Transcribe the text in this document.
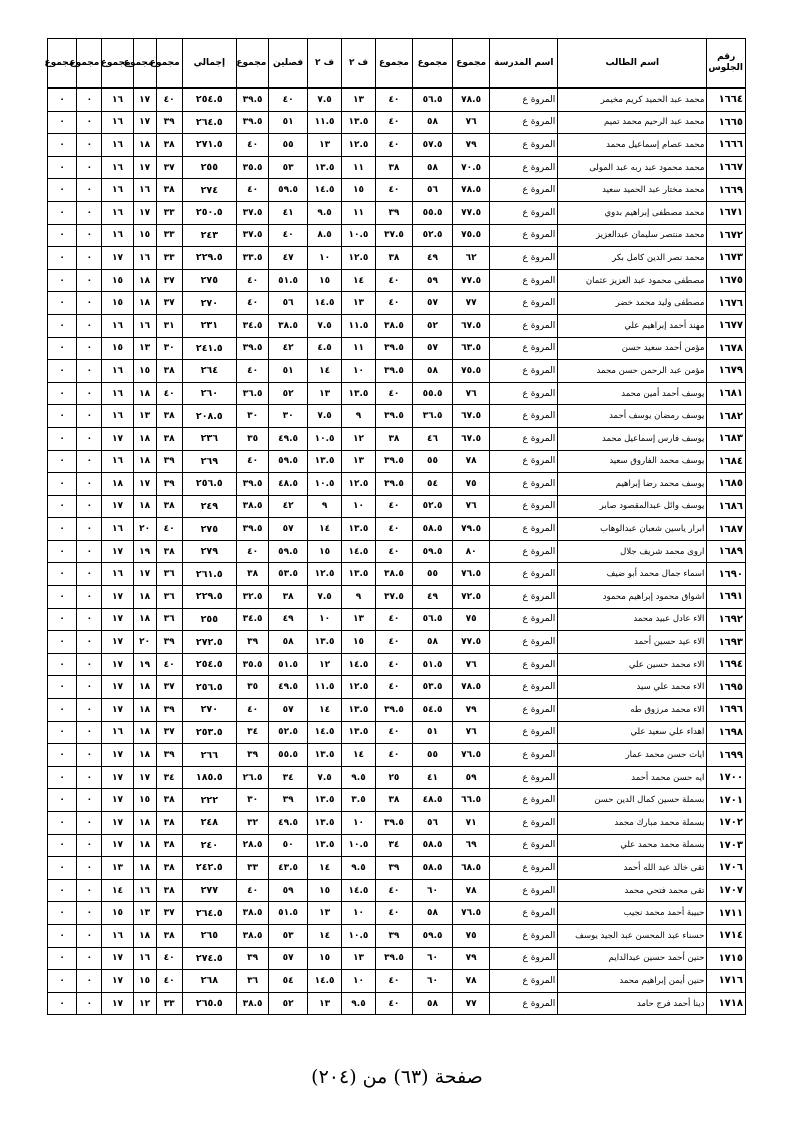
رقم الجلوس	اسم الطالب	اسم المدرسة	مجموع	مجموع	مجموع	ف ٢	ف ٢	فصلين	مجموع	إجمالي	مجموع	مجموع	مجموع	مجموع	مجموع
١٦٦٤	محمد عبد الحميد كريم مخيمر	المروة ع	٧٨.٥	٥٦.٥	٤٠	١٣	٧.٥	٤٠	٣٩.٥	٢٥٤.٥	٤٠	١٧	١٦	٠	٠
١٦٦٥	محمد عبد الرحيم محمد تميم	المروة ع	٧٦	٥٨	٤٠	١٣.٥	١١.٥	٥١	٣٩.٥	٢٦٤.٥	٣٩	١٧	١٦	٠	٠
١٦٦٦	محمد عصام إسماعيل محمد	المروة ع	٧٩	٥٧.٥	٤٠	١٢.٥	١٣	٥٥	٤٠	٢٧١.٥	٣٨	١٨	١٦	٠	٠
١٦٦٧	محمد محمود عبد ربه عبد المولى	المروة ع	٧٠.٥	٥٨	٣٨	١١	١٣.٥	٥٣	٣٥.٥	٢٥٥	٣٧	١٧	١٦	٠	٠
١٦٦٩	محمد مختار عبد الحميد سعيد	المروة ع	٧٨.٥	٥٦	٤٠	١٥	١٤.٥	٥٩.٥	٤٠	٢٧٤	٣٨	١٦	١٦	٠	٠
١٦٧١	محمد مصطفى إبراهيم بدوي	المروة ع	٧٧.٥	٥٥.٥	٣٩	١١	٩.٥	٤١	٣٧.٥	٢٥٠.٥	٣٣	١٧	١٦	٠	٠
١٦٧٢	محمد منتصر سليمان عبدالعزيز	المروة ع	٧٥.٥	٥٢.٥	٣٧.٥	١٠.٥	٨.٥	٤٠	٣٧.٥	٢٤٣	٣٣	١٥	١٦	٠	٠
١٦٧٣	محمد نصر الدين كامل بكر	المروة ع	٦٢	٤٩	٣٨	١٢.٥	١٠	٤٧	٣٣.٥	٢٢٩.٥	٣٣	١٦	١٧	٠	٠
١٦٧٥	مصطفى محمود عبد العزيز عثمان	المروة ع	٧٧.٥	٥٩	٤٠	١٤	١٥	٥١.٥	٤٠	٢٧٥	٣٧	١٨	١٥	٠	٠
١٦٧٦	مصطفى وليد محمد خضر	المروة ع	٧٧	٥٧	٤٠	١٣	١٤.٥	٥٦	٤٠	٢٧٠	٣٧	١٨	١٥	٠	٠
١٦٧٧	مهند أحمد إبراهيم علي	المروة ع	٦٧.٥	٥٢	٣٨.٥	١١.٥	٧.٥	٣٨.٥	٣٤.٥	٢٣١	٣١	١٦	١٦	٠	٠
١٦٧٨	مؤمن أحمد سعيد حسن	المروة ع	٦٣.٥	٥٧	٣٩.٥	١١	٤.٥	٤٢	٣٩.٥	٢٤١.٥	٣٠	١٣	١٥	٠	٠
١٦٧٩	مؤمن عبد الرحمن حسن محمد	المروة ع	٧٥.٥	٥٨	٣٩.٥	١٠	١٤	٥١	٤٠	٢٦٤	٣٨	١٥	١٦	٠	٠
١٦٨١	يوسف أحمد أمين محمد	المروة ع	٧٦	٥٥.٥	٤٠	١٣.٥	١٣	٥٢	٣٦.٥	٢٦٠	٤٠	١٨	١٦	٠	٠
١٦٨٢	يوسف رمضان يوسف أحمد	المروة ع	٦٧.٥	٣٦.٥	٣٩.٥	٩	٧.٥	٣٠	٣٠	٢٠٨.٥	٣٨	١٣	١٦	٠	٠
١٦٨٣	يوسف فارس إسماعيل محمد	المروة ع	٦٧.٥	٤٦	٣٨	١٢	١٠.٥	٤٩.٥	٣٥	٢٣٦	٣٨	١٨	١٧	٠	٠
١٦٨٤	يوسف محمد الفاروق سعيد	المروة ع	٧٨	٥٥	٣٩.٥	١٣	١٣.٥	٥٩.٥	٤٠	٢٦٩	٣٩	١٨	١٦	٠	٠
١٦٨٥	يوسف محمد رضا إبراهيم	المروة ع	٧٥	٥٤	٣٩.٥	١٢.٥	١٠.٥	٤٨.٥	٣٩.٥	٢٥٦.٥	٣٩	١٧	١٨	٠	٠
١٦٨٦	يوسف وائل عبدالمقصود صابر	المروة ع	٧٦	٥٢.٥	٤٠	١٠	٩	٤٢	٣٨.٥	٢٤٩	٣٨	١٨	١٧	٠	٠
١٦٨٧	ابرار ياسين شعبان عبدالوهاب	المروة ع	٧٩.٥	٥٨.٥	٤٠	١٣.٥	١٤	٥٧	٣٩.٥	٢٧٥	٤٠	٢٠	١٦	٠	٠
١٦٨٩	اروى محمد شريف جلال	المروة ع	٨٠	٥٩.٥	٤٠	١٤.٥	١٥	٥٩.٥	٤٠	٢٧٩	٣٨	١٩	١٧	٠	٠
١٦٩٠	اسماء جمال محمد أبو ضيف	المروة ع	٧٦.٥	٥٥	٣٨.٥	١٣.٥	١٢.٥	٥٣.٥	٣٨	٢٦١.٥	٣٦	١٧	١٦	٠	٠
١٦٩١	اشواق محمود إبراهيم محمود	المروة ع	٧٢.٥	٤٩	٣٧.٥	٩	٧.٥	٣٨	٣٢.٥	٢٢٩.٥	٣٦	١٨	١٧	٠	٠
١٦٩٢	الاء عادل عبيد محمد	المروة ع	٧٥	٥٦.٥	٤٠	١٣	١٠	٤٩	٣٤.٥	٢٥٥	٣٦	١٨	١٧	٠	٠
١٦٩٣	الاء عيد حسين أحمد	المروة ع	٧٧.٥	٥٨	٤٠	١٥	١٣.٥	٥٨	٣٩	٢٧٢.٥	٣٩	٢٠	١٧	٠	٠
١٦٩٤	الاء محمد حسين علي	المروة ع	٧٦	٥١.٥	٤٠	١٤.٥	١٢	٥١.٥	٣٥.٥	٢٥٤.٥	٤٠	١٩	١٧	٠	٠
١٦٩٥	الاء محمد علي سيد	المروة ع	٧٨.٥	٥٣.٥	٤٠	١٢.٥	١١.٥	٤٩.٥	٣٥	٢٥٦.٥	٣٧	١٨	١٧	٠	٠
١٦٩٦	الاء محمد مرزوق طه	المروة ع	٧٩	٥٤.٥	٣٩.٥	١٣.٥	١٤	٥٧	٤٠	٢٧٠	٣٩	١٨	١٧	٠	٠
١٦٩٨	اهداء علي سعيد علي	المروة ع	٧٦	٥١	٤٠	١٣.٥	١٤.٥	٥٢.٥	٣٤	٢٥٣.٥	٣٧	١٨	١٦	٠	٠
١٦٩٩	ايات حسن محمد عمار	المروة ع	٧٦.٥	٥٥	٤٠	١٤	١٣.٥	٥٥.٥	٣٩	٢٦٦	٣٩	١٨	١٧	٠	٠
١٧٠٠	ايه حسن محمد أحمد	المروة ع	٥٩	٤١	٢٥	٩.٥	٧.٥	٣٤	٢٦.٥	١٨٥.٥	٣٤	١٧	١٧	٠	٠
١٧٠١	بسملة حسين كمال الدين حسن	المروة ع	٦٦.٥	٤٨.٥	٣٨	٣.٥	١٣.٥	٣٩	٣٠	٢٢٢	٣٨	١٥	١٧	٠	٠
١٧٠٢	بسملة محمد مبارك محمد	المروة ع	٧١	٥٦	٣٩.٥	١٠	١٣.٥	٤٩.٥	٣٢	٢٤٨	٣٨	١٨	١٧	٠	٠
١٧٠٣	بسملة محمد محمد علي	المروة ع	٦٩	٥٨.٥	٣٤	١٠.٥	١٣.٥	٥٠	٢٨.٥	٢٤٠	٣٨	١٨	١٧	٠	٠
١٧٠٦	تقى خالد عبد الله أحمد	المروة ع	٦٨.٥	٥٨.٥	٣٩	٩.٥	١٤	٤٣.٥	٣٣	٢٤٢.٥	٣٨	١٨	١٣	٠	٠
١٧٠٧	تقى محمد فتحي محمد	المروة ع	٧٨	٦٠	٤٠	١٤.٥	١٥	٥٩	٤٠	٢٧٧	٣٨	١٦	١٤	٠	٠
١٧١١	حبيبة أحمد محمد نجيب	المروة ع	٧٦.٥	٥٨	٤٠	١٠	١٣	٥١.٥	٣٨.٥	٢٦٤.٥	٣٧	١٣	١٥	٠	٠
١٧١٤	حسناء عبد المحسن عبد الجيد يوسف	المروة ع	٧٥	٥٩.٥	٣٩	١٠.٥	١٤	٥٣	٣٨.٥	٢٦٥	٣٨	١٨	١٦	٠	٠
١٧١٥	حنين أحمد حسين عبدالدايم	المروة ع	٧٩	٦٠	٣٩.٥	١٣	١٥	٥٧	٣٩	٢٧٤.٥	٤٠	١٦	١٧	٠	٠
١٧١٦	حنين أيمن إبراهيم محمد	المروة ع	٧٨	٦٠	٤٠	١٠	١٤.٥	٥٤	٣٦	٢٦٨	٤٠	١٥	١٧	٠	٠
١٧١٨	دينا أحمد فرج حامد	المروة ع	٧٧	٥٨	٤٠	٩.٥	١٣	٥٢	٣٨.٥	٢٦٥.٥	٣٣	١٢	١٧	٠	٠
صفحة (٦٣) من (٢٠٤)
